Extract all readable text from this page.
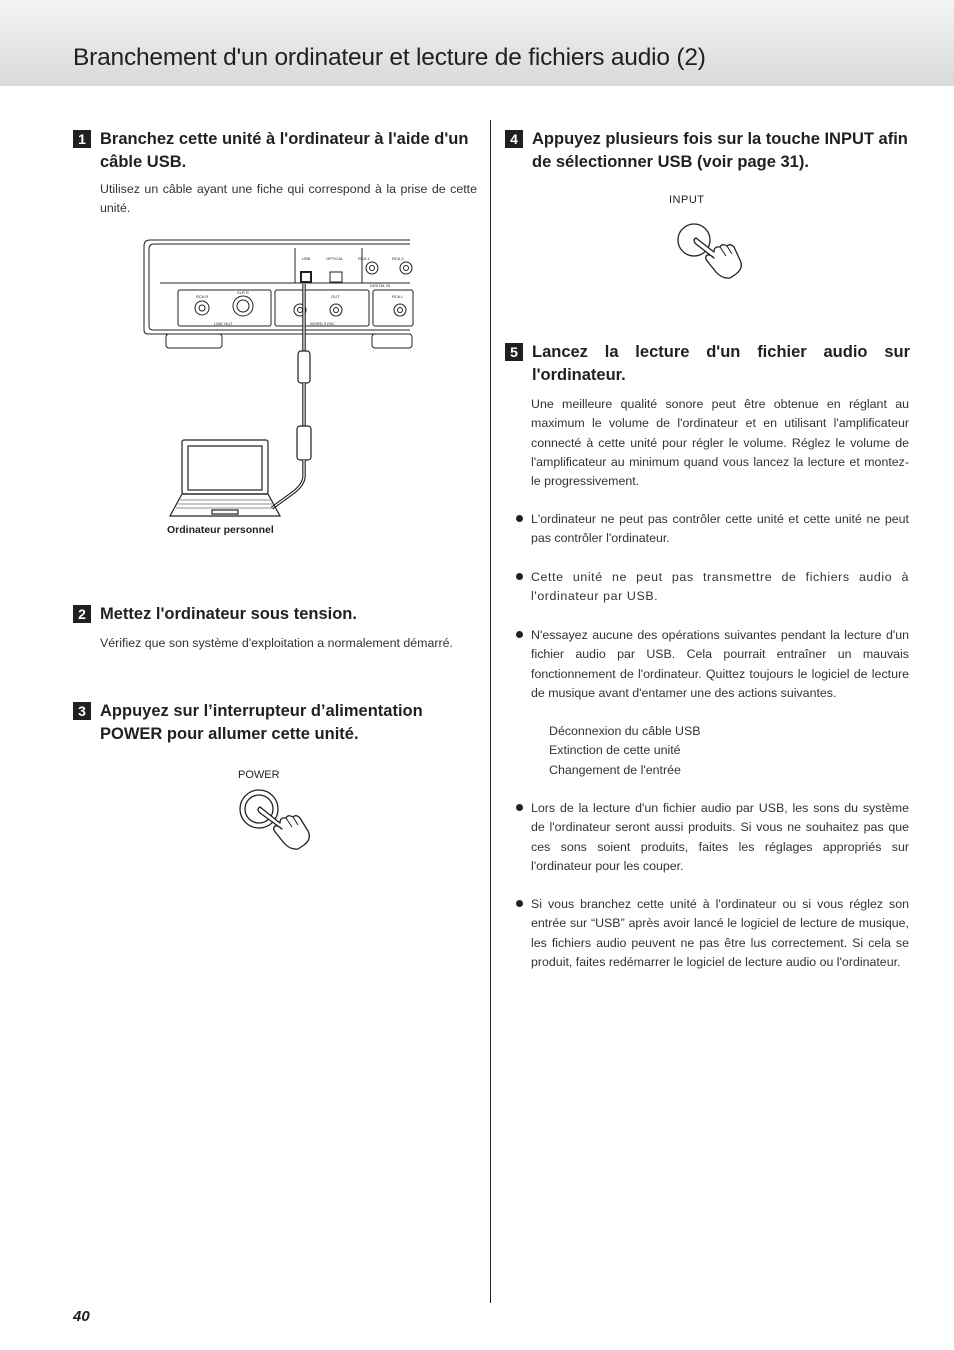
Branchement d'un ordinateur et lecture de fichiers audio (2)
1 Branchez cette unité à l'ordinateur à l'aide d'un câble USB.

Utilisez un câble ayant une fiche qui correspond à la prise de cette unité.

USB	OPTICAL	RCA 1	RCA 2
DIGITAL IN
RCA R
XLR R
OUT	RCA L
LINE OUT	WORD SYNC
Ordinateur personnel
2 Mettez l'ordinateur sous tension.

Vérifiez que son système d'exploitation a normalement démarré.

3 Appuyez sur l’interrupteur d’alimentation POWER pour allumer cette unité.
POWER
4 Appuyez plusieurs fois sur la touche INPUT afin de sélectionner USB (voir page 31).
INPUT
5 Lancez la lecture d'un fichier audio sur l'ordinateur.

Une meilleure qualité sonore peut être obtenue en réglant au maximum le volume de l'ordinateur et en utilisant l'amplificateur connecté à cette unité pour régler le volume. Réglez le volume de l'amplificateur au minimum quand vous lancez la lecture et montez-le progressivement.

L'ordinateur ne peut pas contrôler cette unité et cette unité ne peut pas contrôler l'ordinateur.

Cette unité ne peut pas transmettre de fichiers audio à l'ordinateur par USB.

N'essayez aucune des opérations suivantes pendant la lecture d'un fichier audio par USB. Cela pourrait entraîner un mauvais fonctionnement de l'ordinateur. Quittez toujours le logiciel de lecture de musique avant d'entamer une des actions suivantes.

Déconnexion du câble USB
Extinction de cette unité
Changement de l'entrée

Lors de la lecture d'un fichier audio par USB, les sons du système de l'ordinateur seront aussi produits. Si vous ne souhaitez pas que ces sons soient produits, faites les réglages appropriés sur l'ordinateur pour les couper.

Si vous branchez cette unité à l'ordinateur ou si vous réglez son entrée sur “USB” après avoir lancé le logiciel de lecture de musique, les fichiers audio peuvent ne pas être lus correctement. Si cela se produit, faites redémarrer le logiciel de lecture audio ou l'ordinateur.

40
